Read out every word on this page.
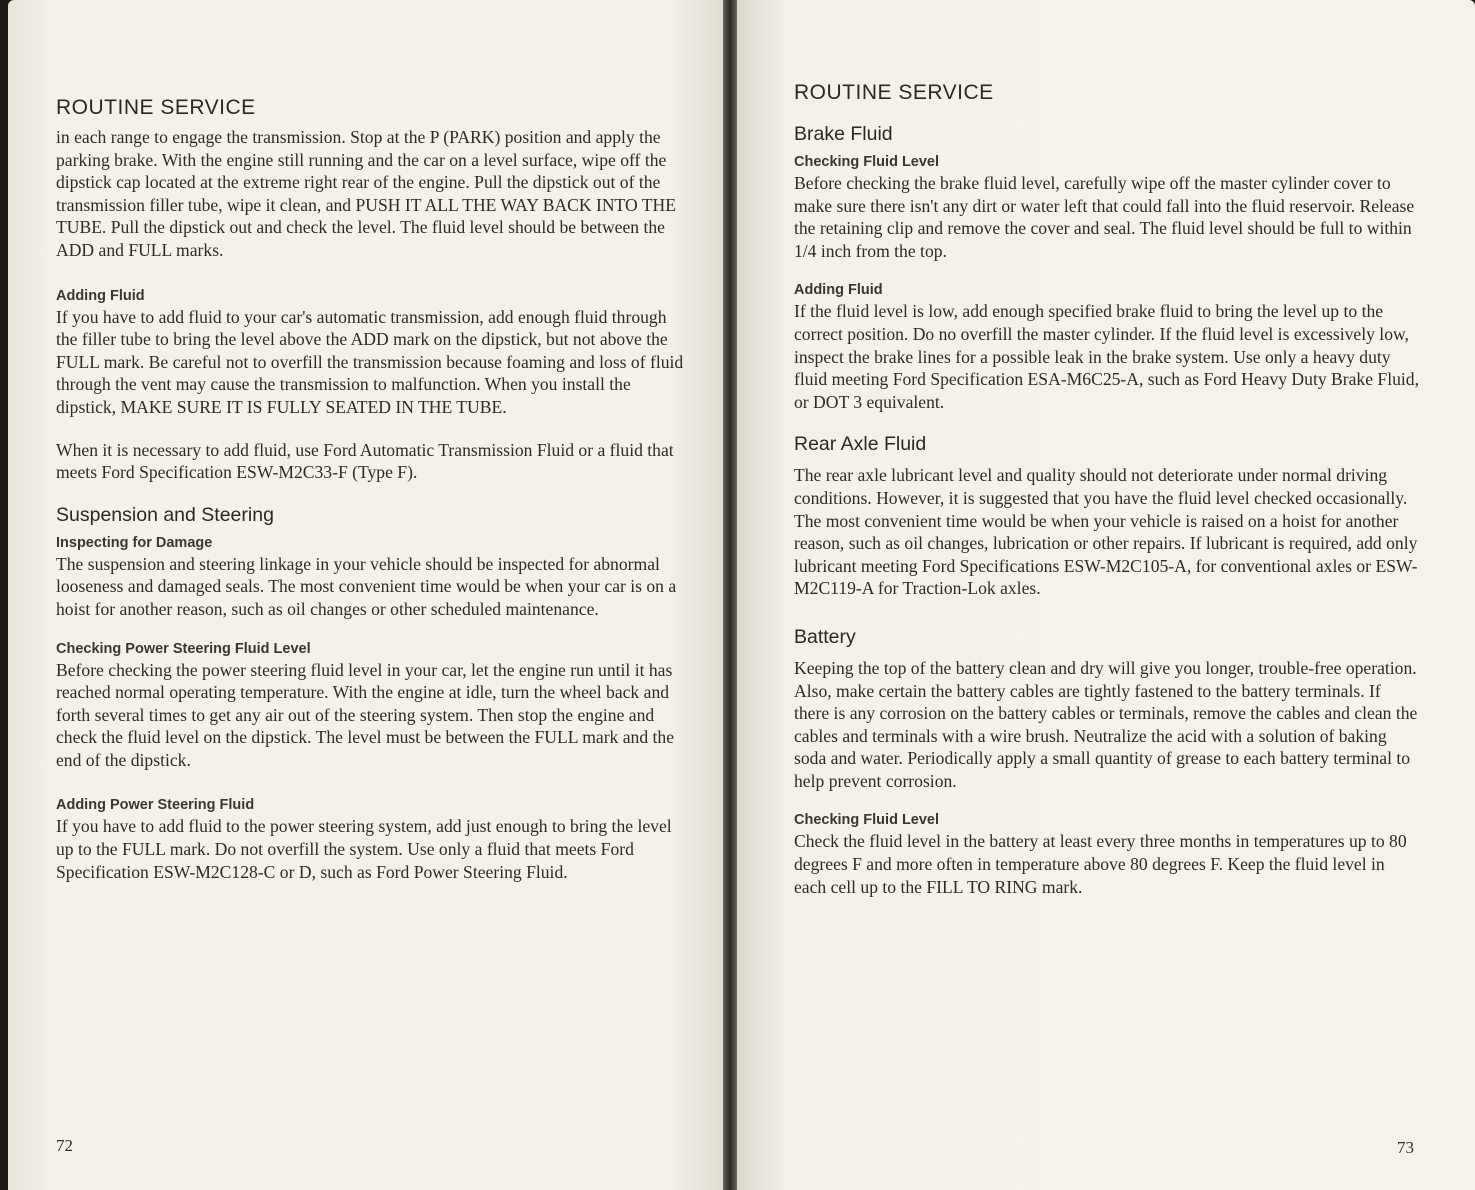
ROUTINE SERVICE

in each range to engage the transmission. Stop at the P (PARK) position and apply the parking brake. With the engine still running and the car on a level surface, wipe off the dipstick cap located at the extreme right rear of the engine. Pull the dipstick out of the transmission filler tube, wipe it clean, and PUSH IT ALL THE WAY BACK INTO THE TUBE. Pull the dipstick out and check the level. The fluid level should be between the ADD and FULL marks.

Adding Fluid

If you have to add fluid to your car's automatic transmission, add enough fluid through the filler tube to bring the level above the ADD mark on the dipstick, but not above the FULL mark. Be careful not to overfill the transmission because foaming and loss of fluid through the vent may cause the transmission to malfunction. When you install the dipstick, MAKE SURE IT IS FULLY SEATED IN THE TUBE.

When it is necessary to add fluid, use Ford Automatic Transmission Fluid or a fluid that meets Ford Specification ESW-M2C33-F (Type F).

Suspension and Steering
Inspecting for Damage

The suspension and steering linkage in your vehicle should be inspected for abnormal looseness and damaged seals. The most convenient time would be when your car is on a hoist for another reason, such as oil changes or other scheduled maintenance.

Checking Power Steering Fluid Level

Before checking the power steering fluid level in your car, let the engine run until it has reached normal operating temperature. With the engine at idle, turn the wheel back and forth several times to get any air out of the steering system. Then stop the engine and check the fluid level on the dipstick. The level must be between the FULL mark and the end of the dipstick.

Adding Power Steering Fluid

If you have to add fluid to the power steering system, add just enough to bring the level up to the FULL mark. Do not overfill the system. Use only a fluid that meets Ford Specification ESW-M2C128-C or D, such as Ford Power Steering Fluid.

72
ROUTINE SERVICE
Brake Fluid
Checking Fluid Level

Before checking the brake fluid level, carefully wipe off the master cylinder cover to make sure there isn't any dirt or water left that could fall into the fluid reservoir. Release the retaining clip and remove the cover and seal. The fluid level should be full to within 1/4 inch from the top.

Adding Fluid

If the fluid level is low, add enough specified brake fluid to bring the level up to the correct position. Do no overfill the master cylinder. If the fluid level is excessively low, inspect the brake lines for a possible leak in the brake system. Use only a heavy duty fluid meeting Ford Specification ESA-M6C25-A, such as Ford Heavy Duty Brake Fluid, or DOT 3 equivalent.

Rear Axle Fluid

The rear axle lubricant level and quality should not deteriorate under normal driving conditions. However, it is suggested that you have the fluid level checked occasionally. The most convenient time would be when your vehicle is raised on a hoist for another reason, such as oil changes, lubrication or other repairs. If lubricant is required, add only lubricant meeting Ford Specifications ESW-M2C105-A, for conventional axles or ESW-M2C119-A for Traction-Lok axles.

Battery

Keeping the top of the battery clean and dry will give you longer, trouble-free operation. Also, make certain the battery cables are tightly fastened to the battery terminals. If there is any corrosion on the battery cables or terminals, remove the cables and clean the cables and terminals with a wire brush. Neutralize the acid with a solution of baking soda and water. Periodically apply a small quantity of grease to each battery terminal to help prevent corrosion.

Checking Fluid Level

Check the fluid level in the battery at least every three months in temperatures up to 80 degrees F and more often in temperature above 80 degrees F. Keep the fluid level in each cell up to the FILL TO RING mark.

73
